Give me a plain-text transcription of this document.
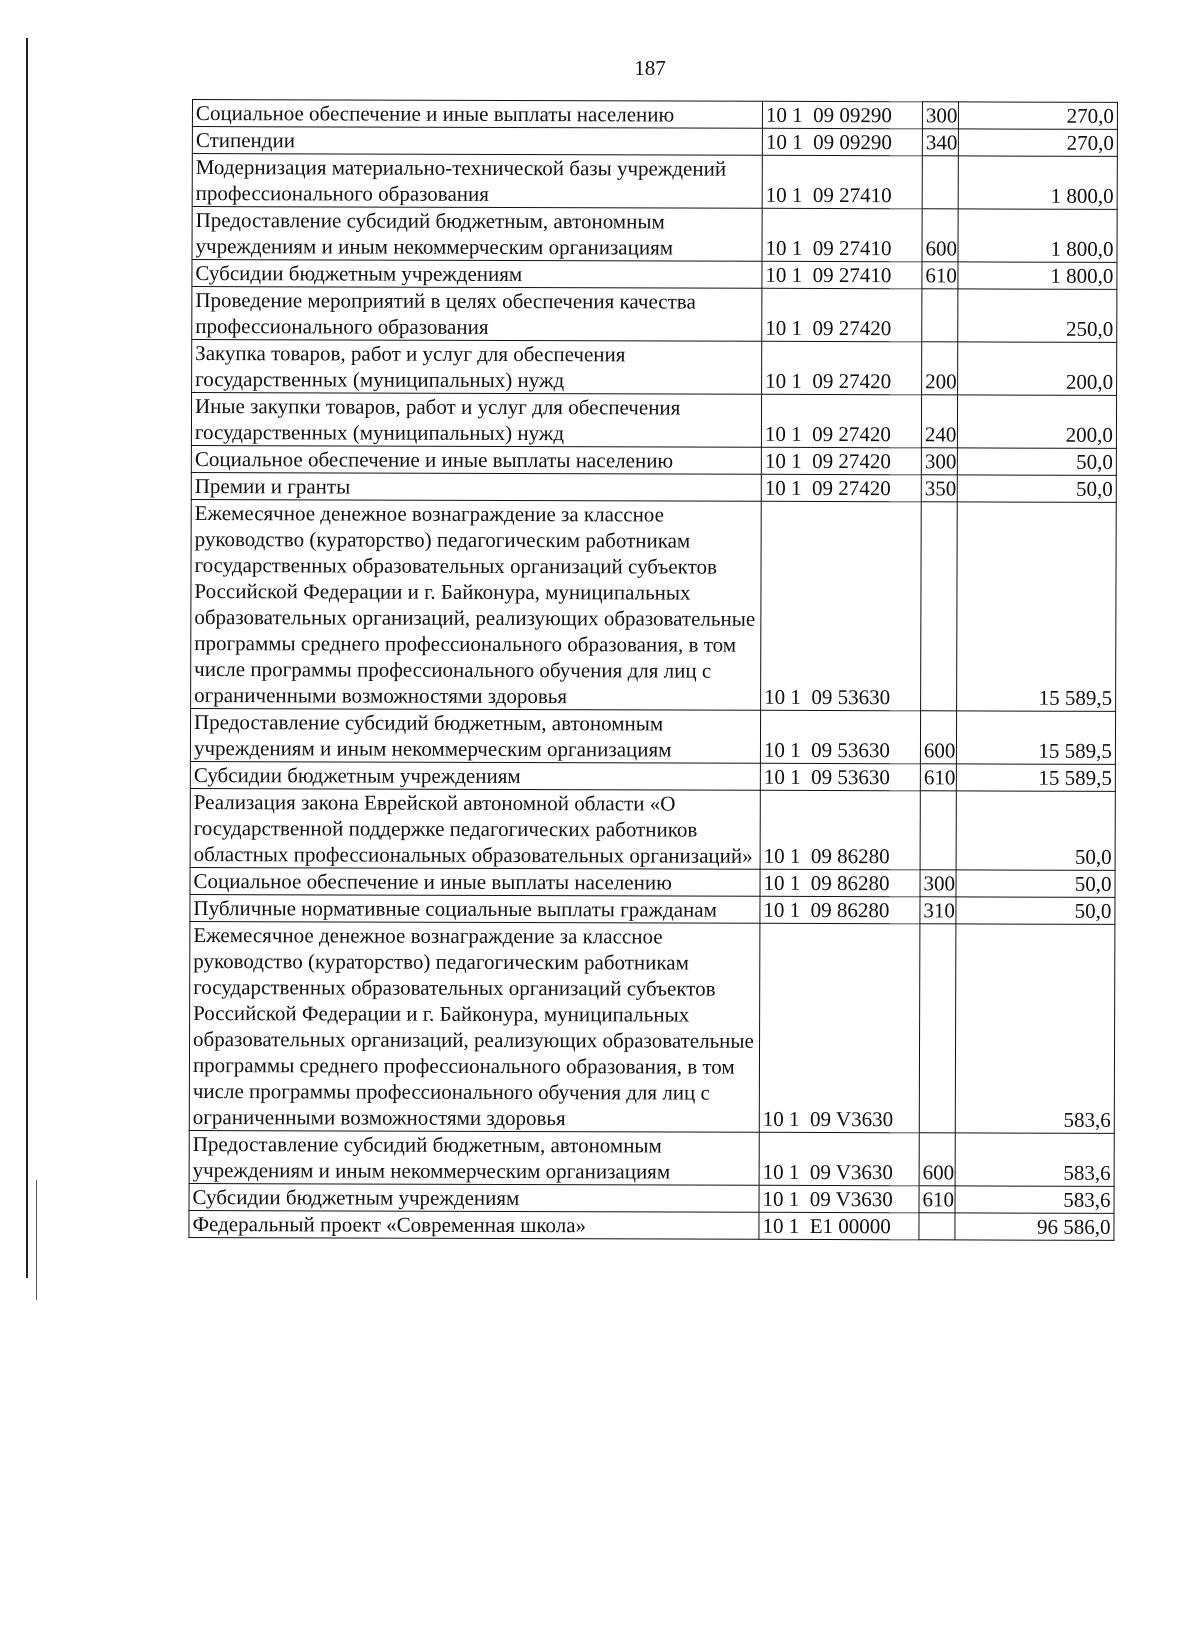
187
Социальное обеспечение и иные выплаты населению	10 1  09 09290	300	270,0
Стипендии	10 1  09 09290	340	270,0
Модернизация материально-технической базы учреждений профессионального образования	10 1  09 27410		1 800,0
Предоставление субсидий бюджетным, автономным учреждениям и иным некоммерческим организациям	10 1  09 27410	600	1 800,0
Субсидии бюджетным учреждениям	10 1  09 27410	610	1 800,0
Проведение мероприятий в целях обеспечения качества профессионального образования	10 1  09 27420		250,0
Закупка товаров, работ и услуг для обеспечения государственных (муниципальных) нужд	10 1  09 27420	200	200,0
Иные закупки товаров, работ и услуг для обеспечения государственных (муниципальных) нужд	10 1  09 27420	240	200,0
Социальное обеспечение и иные выплаты населению	10 1  09 27420	300	50,0
Премии и гранты	10 1  09 27420	350	50,0
Ежемесячное денежное вознаграждение за классное руководство (кураторство) педагогическим работникам государственных образовательных организаций субъектов Российской Федерации и г. Байконура, муниципальных образовательных организаций, реализующих образовательные программы среднего профессионального образования, в том числе программы профессионального обучения для лиц с ограниченными возможностями здоровья	10 1  09 53630		15 589,5
Предоставление субсидий бюджетным, автономным учреждениям и иным некоммерческим организациям	10 1  09 53630	600	15 589,5
Субсидии бюджетным учреждениям	10 1  09 53630	610	15 589,5
Реализация закона Еврейской автономной области «О государственной поддержке педагогических работников областных профессиональных образовательных организаций»	10 1  09 86280		50,0
Социальное обеспечение и иные выплаты населению	10 1  09 86280	300	50,0
Публичные нормативные социальные выплаты гражданам	10 1  09 86280	310	50,0
Ежемесячное денежное вознаграждение за классное руководство (кураторство) педагогическим работникам государственных образовательных организаций субъектов Российской Федерации и г. Байконура, муниципальных образовательных организаций, реализующих образовательные программы среднего профессионального образования, в том числе программы профессионального обучения для лиц с ограниченными возможностями здоровья	10 1  09 V3630		583,6
Предоставление субсидий бюджетным, автономным учреждениям и иным некоммерческим организациям	10 1  09 V3630	600	583,6
Субсидии бюджетным учреждениям	10 1  09 V3630	610	583,6
Федеральный проект «Современная школа»	10 1  E1 00000		96 586,0
